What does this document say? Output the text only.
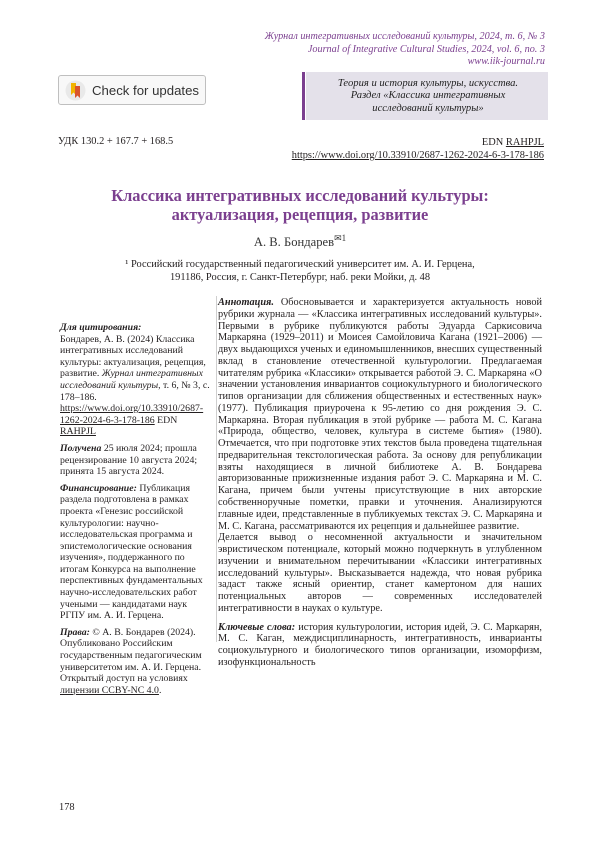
Журнал интегративных исследований культуры, 2024, т. 6, № 3
Journal of Integrative Cultural Studies, 2024, vol. 6, no. 3
www.iik-journal.ru
Check for updates	Теория и история культуры, искусства.
Раздел «Классика интегративных
исследований культуры»
УДК 130.2 + 167.7 + 168.5	EDN RAHPJL
https://www.doi.org/10.33910/2687-1262-2024-6-3-178-186
Классика интегративных исследований культуры:
актуализация, рецепция, развитие
А. В. Бондарев$^{✉1}$
¹ Российский государственный педагогический университет им. А. И. Герцена,
191186, Россия, г. Санкт-Петербург, наб. реки Мойки, д. 48

Для цитирования:
Бондарев, А. В. (2024) Классика интегративных исследований культуры: актуализация, рецепция, развитие. Журнал интегративных исследований культуры, т. 6, № 3, с. 178–186. https://www.doi.org/10.33910/2687-1262-2024-6-3-178-186 EDN RAHPJL

Получена 25 июля 2024; прошла рецензирование 10 августа 2024; принята 15 августа 2024.

Финансирование: Публикация раздела подготовлена в рамках проекта «Генезис российской культурологии: научно-исследовательская программа и эпистемологические основания изучения», поддержанного по итогам Конкурса на выполнение перспективных фундаментальных научно-исследовательских работ учеными — кандидатами наук РГПУ им. А. И. Герцена.

Права: © А. В. Бондарев (2024). Опубликовано Российским государственным педагогическим университетом им. А. И. Герцена. Открытый доступ на условиях лицензии CCBY-NC 4.0.

Аннотация. Обосновывается и характеризуется актуальность новой рубрики журнала — «Классика интегративных исследований культуры». Первыми в рубрике публикуются работы Эдуарда Саркисовича Маркаряна (1929–2011) и Моисея Самойловича Кагана (1921–2006) — двух выдающихся ученых и единомышленников, внесших существенный вклад в становление отечественной культурологии. Предлагаемая читателям рубрика «Классики» открывается работой Э. С. Маркаряна «О значении установления инвариантов социокультурного и биологического типов организации для сближения общественных и естественных наук» (1977). Публикация приурочена к 95-летию со дня рождения Э. С. Маркаряна. Вторая публикация в этой рубрике — работа М. С. Кагана «Природа, общество, человек, культура в системе бытия» (1980). Отмечается, что при подготовке этих текстов была проведена тщательная предварительная текстологическая работа. За основу для републикации взяты находящиеся в личной библиотеке А. В. Бондарева авторизованные прижизненные издания работ Э. С. Маркаряна и М. С. Кагана, причем были учтены присутствующие в них авторские собственноручные пометки, правки и уточнения. Анализируются главные идеи, представленные в публикуемых текстах Э. С. Маркаряна и М. С. Кагана, рассматриваются их рецепция и дальнейшее развитие.

Делается вывод о несомненной актуальности и значительном эвристическом потенциале, который можно подчеркнуть в углубленном изучении и внимательном перечитывании «Классики интегративных исследований культуры». Высказывается надежда, что новая рубрика задаст также ясный ориентир, станет камертоном для наших потенциальных авторов — современных исследователей интегративности в науках о культуре.

Ключевые слова: история культурологии, история идей, Э. С. Маркарян, М. С. Каган, междисциплинарность, интегративность, инварианты социокультурного и биологического типов организации, изоморфизм, изофункциональность

178
